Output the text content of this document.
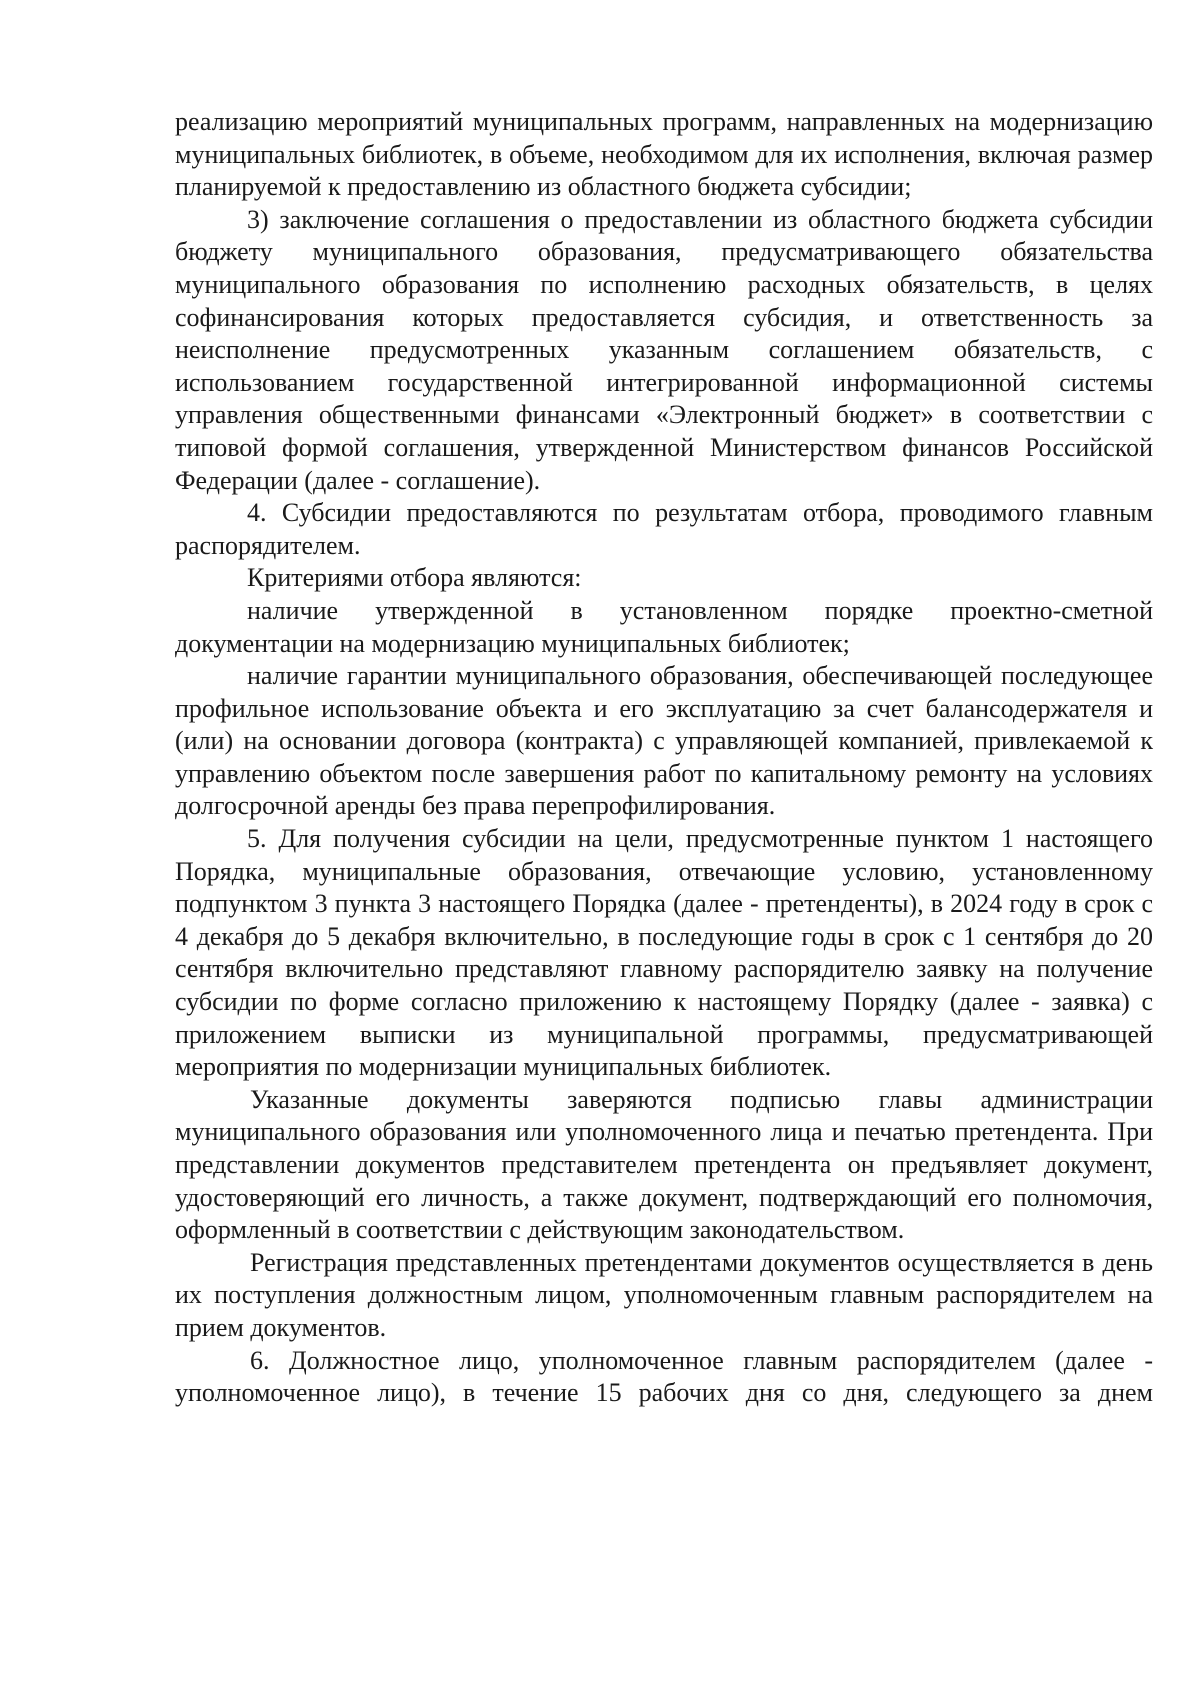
реализацию мероприятий муниципальных программ, направленных на модернизацию муниципальных библиотек, в объеме, необходимом для их исполнения, включая размер планируемой к предоставлению из областного бюджета субсидии;

3) заключение соглашения о предоставлении из областного бюджета субсидии бюджету муниципального образования, предусматривающего обязательства муниципального образования по исполнению расходных обязательств, в целях софинансирования которых предоставляется субсидия, и ответственность за неисполнение предусмотренных указанным соглашением обязательств, с использованием государственной интегрированной информационной системы управления общественными финансами «Электронный бюджет» в соответствии с типовой формой соглашения, утвержденной Министерством финансов Российской Федерации (далее - соглашение).

4. Субсидии предоставляются по результатам отбора, проводимого главным распорядителем.

Критериями отбора являются:

наличие утвержденной в установленном порядке проектно-сметной документации на модернизацию муниципальных библиотек;

наличие гарантии муниципального образования, обеспечивающей последующее профильное использование объекта и его эксплуатацию за счет балансодержателя и (или) на основании договора (контракта) с управляющей компанией, привлекаемой к управлению объектом после завершения работ по капитальному ремонту на условиях долгосрочной аренды без права перепрофилирования.

5. Для получения субсидии на цели, предусмотренные пунктом 1 настоящего Порядка, муниципальные образования, отвечающие условию, установленному подпунктом 3 пункта 3 настоящего Порядка (далее - претенденты), в 2024 году в срок с 4 декабря до 5 декабря включительно, в последующие годы в срок с 1 сентября до 20 сентября включительно представляют главному распорядителю заявку на получение субсидии по форме согласно приложению к настоящему Порядку (далее - заявка) с приложением выписки из муниципальной программы, предусматривающей мероприятия по модернизации муниципальных библиотек.

Указанные документы заверяются подписью главы администрации муниципального образования или уполномоченного лица и печатью претендента. При представлении документов представителем претендента он предъявляет документ, удостоверяющий его личность, а также документ, подтверждающий его полномочия, оформленный в соответствии с действующим законодательством.

Регистрация представленных претендентами документов осуществляется в день их поступления должностным лицом, уполномоченным главным распорядителем на прием документов.

6. Должностное лицо, уполномоченное главным распорядителем (далее - уполномоченное лицо), в течение 15 рабочих дня со дня, следующего за днем
